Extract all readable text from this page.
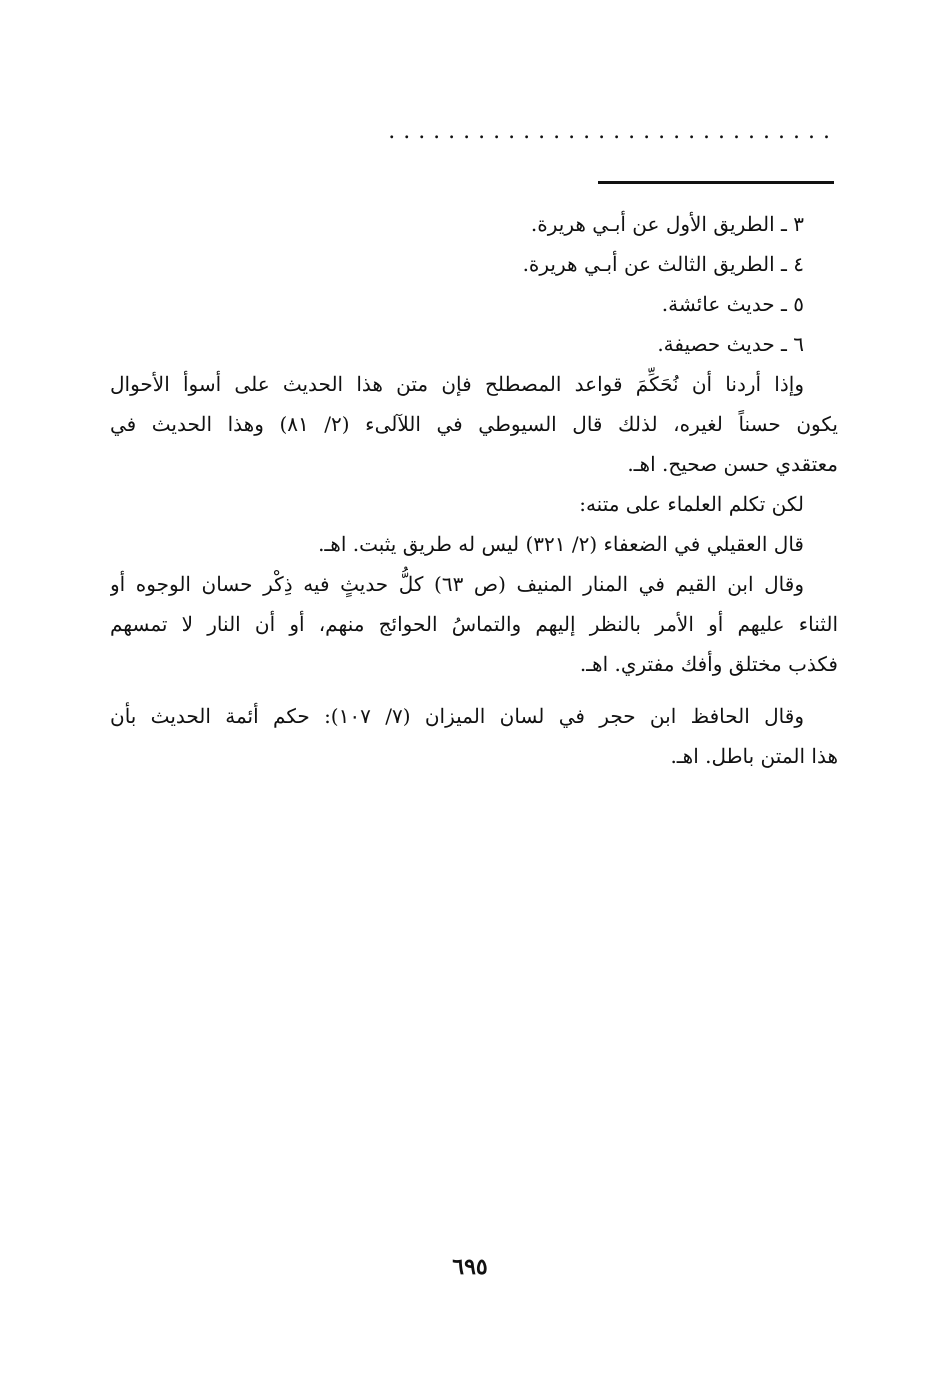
..............................
٣ ـ الطريق الأول عن أبـي هريرة.
٤ ـ الطريق الثالث عن أبـي هريرة.
٥ ـ حديث عائشة.
٦ ـ حديث حصيفة.
وإذا أردنا أن نُحَكِّمَ قواعد المصطلح فإن متن هذا الحديث على أسوأ الأحوال
يكون حسناً لغيره، لذلك قال السيوطي في اللآلىء (٢/ ٨١) وهذا الحديث في
معتقدي حسن صحيح. اهـ.
لكن تكلم العلماء على متنه:
قال العقيلي في الضعفاء (٢/ ٣٢١) ليس له طريق يثبت. اهـ.
وقال ابن القيم في المنار المنيف (ص ٦٣) كلُّ حديثٍ فيه ذِكْر حسان الوجوه أو
الثناء عليهم أو الأمر بالنظر إليهم والتماسُ الحوائج منهم، أو أن النار لا تمسهم
فكذب مختلق وأفك مفتري. اهـ.
وقال الحافظ ابن حجر في لسان الميزان (٧/ ١٠٧): حكم أئمة الحديث بأن
هذا المتن باطل. اهـ.
٦٩٥
